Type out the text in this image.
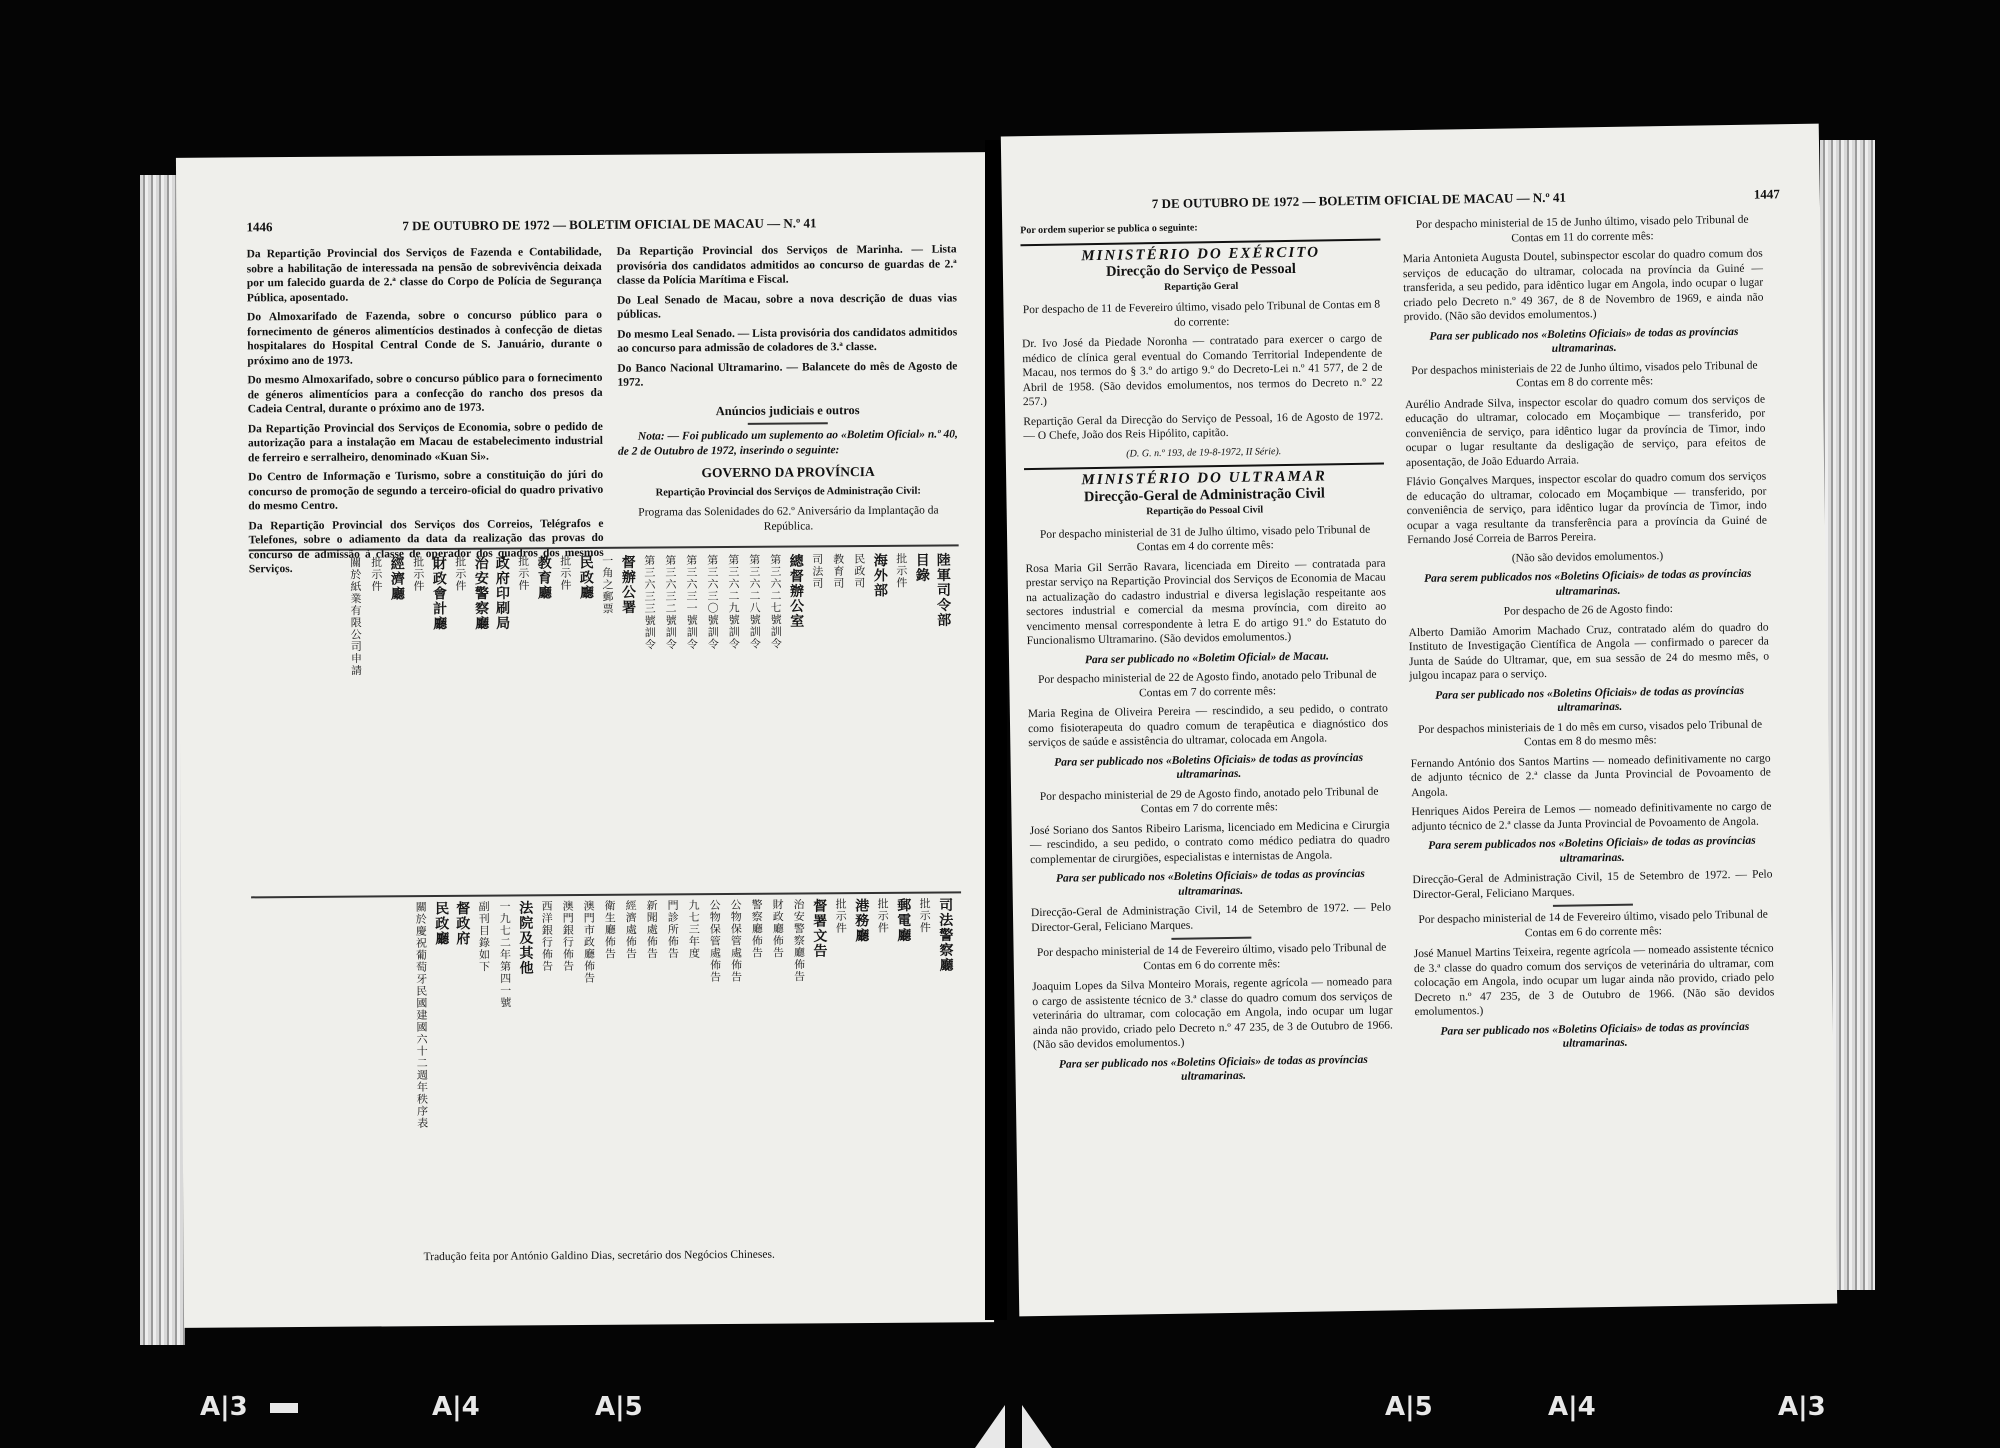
1446	7 DE OUTUBRO DE 1972 — BOLETIM OFICIAL DE MACAU — N.º 41

Da Repartição Provincial dos Serviços de Fazenda e Contabilidade, sobre a habilitação de interessada na pensão de sobrevivência deixada por um falecido guarda de 2.ª classe do Corpo de Polícia de Segurança Pública, aposentado.

Do Almoxarifado de Fazenda, sobre o concurso público para o fornecimento de géneros alimentícios destinados à confecção de dietas hospitalares do Hospital Central Conde de S. Januário, durante o próximo ano de 1973.

Do mesmo Almoxarifado, sobre o concurso público para o fornecimento de géneros alimentícios para a confecção do rancho dos presos da Cadeia Central, durante o próximo ano de 1973.

Da Repartição Provincial dos Serviços de Economia, sobre o pedido de autorização para a instalação em Macau de estabelecimento industrial de ferreiro e serralheiro, denominado «Kuan Si».

Do Centro de Informação e Turismo, sobre a constituição do júri do concurso de promoção de segundo a terceiro-oficial do quadro privativo do mesmo Centro.

Da Repartição Provincial dos Serviços dos Correios, Telégrafos e Telefones, sobre o adiamento da data da realização das provas do concurso de admissão à classe de operador dos quadros dos mesmos Serviços.

Da Repartição Provincial dos Serviços de Marinha. — Lista provisória dos candidatos admitidos ao concurso de guardas de 2.ª classe da Polícia Marítima e Fiscal.

Do Leal Senado de Macau, sobre a nova descrição de duas vias públicas.

Do mesmo Leal Senado. — Lista provisória dos candidatos admitidos ao concurso para admissão de coladores de 3.ª classe.

Do Banco Nacional Ultramarino. — Balancete do mês de Agosto de 1972.

Anúncios judiciais e outros

Nota: — Foi publicado um suplemento ao «Boletim Oficial» n.º 40, de 2 de Outubro de 1972, inserindo o seguinte:

GOVERNO DA PROVÍNCIA

Repartição Provincial dos Serviços de Administração Civil:

Programa das Solenidades do 62.º Aniversário da Implantação da República.

陸軍司令部
目錄
批示件
海外部
民政司
教育司
司法司
總督辦公室
第三六二七號訓令
第三六二八號訓令
第三六二九號訓令
第三六三〇號訓令
第三六三一號訓令
第三六三二號訓令
第三六三三號訓令
督辦公署
一角之郵票
民政廳
批示件
教育廳
批示件
政府印刷局
治安警察廳
批示件
財政會計廳
批示件
經濟廳
批示件
關於紙業有限公司申請
司法警察廳
批示件
郵電廳
批示件
港務廳
批示件
督署文告
治安警察廳佈告
財政廳佈告
警察廳佈告
公物保管處佈告
公物保管處佈告
九七三年度
門診所佈告
新聞處佈告
經濟處佈告
衛生廳佈告
澳門市政廳佈告
澳門銀行佈告
西洋銀行佈告
法院及其他
一九七二年第四一號
副刊目錄如下
督政府
民政廳
關於慶祝葡萄牙民國建國六十二週年秩序表
Tradução feita por António Galdino Dias, secretário dos Negócios Chineses.
7 DE OUTUBRO DE 1972 — BOLETIM OFICIAL DE MACAU — N.º 41	1447

Por ordem superior se publica o seguinte:

MINISTÉRIO DO EXÉRCITO
Direcção do Serviço de Pessoal
Repartição Geral

Por despacho de 11 de Fevereiro último, visado pelo Tribunal de Contas em 8 do corrente:

Dr. Ivo José da Piedade Noronha — contratado para exercer o cargo de médico de clínica geral eventual do Comando Territorial Independente de Macau, nos termos do § 3.º do artigo 9.º do Decreto-Lei n.º 41 577, de 2 de Abril de 1958. (São devidos emolumentos, nos termos do Decreto n.º 22 257.)

Repartição Geral da Direcção do Serviço de Pessoal, 16 de Agosto de 1972. — O Chefe, João dos Reis Hipólito, capitão.

(D. G. n.º 193, de 19-8-1972, II Série).

MINISTÉRIO DO ULTRAMAR
Direcção-Geral de Administração Civil
Repartição do Pessoal Civil

Por despacho ministerial de 31 de Julho último, visado pelo Tribunal de Contas em 4 do corrente mês:

Rosa Maria Gil Serrão Ravara, licenciada em Direito — contratada para prestar serviço na Repartição Provincial dos Serviços de Economia de Macau na actualização do cadastro industrial e diversa legislação respeitante aos sectores industrial e comercial da mesma província, com direito ao vencimento mensal correspondente à letra E do artigo 91.º do Estatuto do Funcionalismo Ultramarino. (São devidos emolumentos.)

Para ser publicado no «Boletim Oficial» de Macau.

Por despacho ministerial de 22 de Agosto findo, anotado pelo Tribunal de Contas em 7 do corrente mês:

Maria Regina de Oliveira Pereira — rescindido, a seu pedido, o contrato como fisioterapeuta do quadro comum de terapêutica e diagnóstico dos serviços de saúde e assistência do ultramar, colocada em Angola.

Para ser publicado nos «Boletins Oficiais» de todas as províncias ultramarinas.

Por despacho ministerial de 29 de Agosto findo, anotado pelo Tribunal de Contas em 7 do corrente mês:

José Soriano dos Santos Ribeiro Larisma, licenciado em Medicina e Cirurgia — rescindido, a seu pedido, o contrato como médico pediatra do quadro complementar de cirurgiões, especialistas e internistas de Angola.

Para ser publicado nos «Boletins Oficiais» de todas as províncias ultramarinas.

Direcção-Geral de Administração Civil, 14 de Setembro de 1972. — Pelo Director-Geral, Feliciano Marques.

Por despacho ministerial de 14 de Fevereiro último, visado pelo Tribunal de Contas em 6 do corrente mês:

Joaquim Lopes da Silva Monteiro Morais, regente agrícola — nomeado para o cargo de assistente técnico de 3.ª classe do quadro comum dos serviços de veterinária do ultramar, com colocação em Angola, indo ocupar um lugar ainda não provido, criado pelo Decreto n.º 47 235, de 3 de Outubro de 1966. (Não são devidos emolumentos.)

Para ser publicado nos «Boletins Oficiais» de todas as províncias ultramarinas.

Por despacho ministerial de 15 de Junho último, visado pelo Tribunal de Contas em 11 do corrente mês:

Maria Antonieta Augusta Doutel, subinspector escolar do quadro comum dos serviços de educação do ultramar, colocada na província da Guiné — transferida, a seu pedido, para idêntico lugar em Angola, indo ocupar o lugar criado pelo Decreto n.º 49 367, de 8 de Novembro de 1969, e ainda não provido. (Não são devidos emolumentos.)

Para ser publicado nos «Boletins Oficiais» de todas as províncias ultramarinas.

Por despachos ministeriais de 22 de Junho último, visados pelo Tribunal de Contas em 8 do corrente mês:

Aurélio Andrade Silva, inspector escolar do quadro comum dos serviços de educação do ultramar, colocado em Moçambique — transferido, por conveniência de serviço, para idêntico lugar da província de Timor, indo ocupar o lugar resultante da desligação de serviço, para efeitos de aposentação, de João Eduardo Arraia.

Flávio Gonçalves Marques, inspector escolar do quadro comum dos serviços de educação do ultramar, colocado em Moçambique — transferido, por conveniência de serviço, para idêntico lugar da província de Timor, indo ocupar a vaga resultante da transferência para a província da Guiné de Fernando José Correia de Barros Pereira.

(Não são devidos emolumentos.)

Para serem publicados nos «Boletins Oficiais» de todas as províncias ultramarinas.

Por despacho de 26 de Agosto findo:

Alberto Damião Amorim Machado Cruz, contratado além do quadro do Instituto de Investigação Científica de Angola — confirmado o parecer da Junta de Saúde do Ultramar, que, em sua sessão de 24 do mesmo mês, o julgou incapaz para o serviço.

Para ser publicado nos «Boletins Oficiais» de todas as províncias ultramarinas.

Por despachos ministeriais de 1 do mês em curso, visados pelo Tribunal de Contas em 8 do mesmo mês:

Fernando António dos Santos Martins — nomeado definitivamente no cargo de adjunto técnico de 2.ª classe da Junta Provincial de Povoamento de Angola.

Henriques Aidos Pereira de Lemos — nomeado definitivamente no cargo de adjunto técnico de 2.ª classe da Junta Provincial de Povoamento de Angola.

Para serem publicados nos «Boletins Oficiais» de todas as províncias ultramarinas.

Direcção-Geral de Administração Civil, 15 de Setembro de 1972. — Pelo Director-Geral, Feliciano Marques.

Por despacho ministerial de 14 de Fevereiro último, visado pelo Tribunal de Contas em 6 do corrente mês:

José Manuel Martins Teixeira, regente agrícola — nomeado assistente técnico de 3.ª classe do quadro comum dos serviços de veterinária do ultramar, com colocação em Angola, indo ocupar um lugar ainda não provido, criado pelo Decreto n.º 47 235, de 3 de Outubro de 1966. (Não são devidos emolumentos.)

Para ser publicado nos «Boletins Oficiais» de todas as províncias ultramarinas.

A|3	A|4	A|5	A|5	A|4	A|3
